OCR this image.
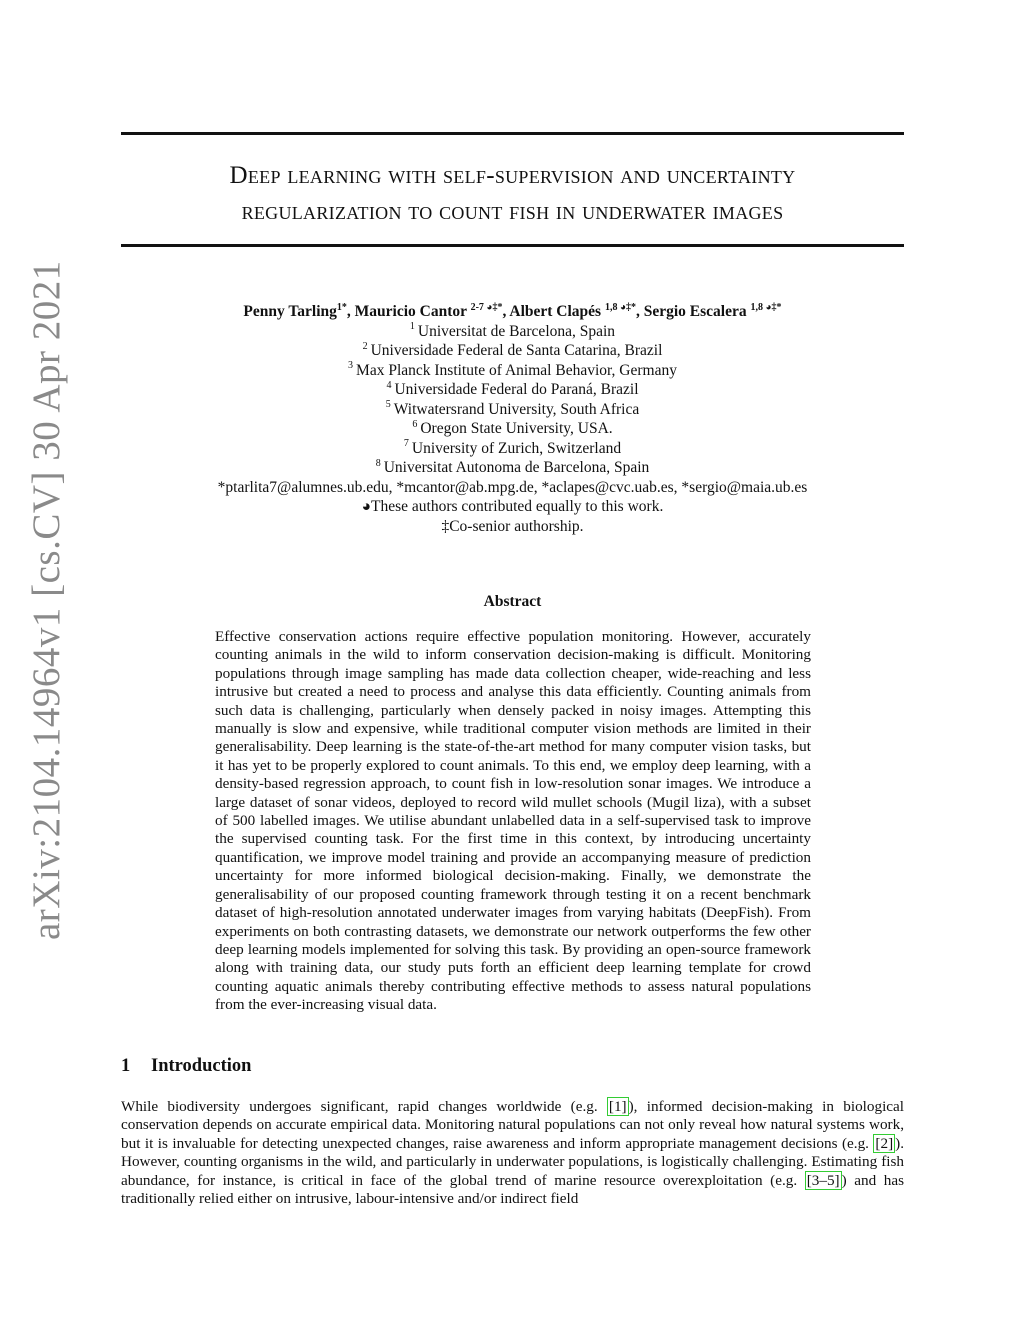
arXiv:2104.14964v1 [cs.CV] 30 Apr 2021
Deep learning with self-supervision and uncertainty
regularization to count fish in underwater images
Penny Tarling$^{1*}$, Mauricio Cantor $^{2-7 ◕\ddagger*}$, Albert Clapés $^{1,8 ◕\ddagger*}$, Sergio Escalera $^{1,8 ◕\ddagger*}$
$^1$ Universitat de Barcelona, Spain
$^2$ Universidade Federal de Santa Catarina, Brazil
$^3$ Max Planck Institute of Animal Behavior, Germany
$^4$ Universidade Federal do Paraná, Brazil
$^5$ Witwatersrand University, South Africa
$^6$ Oregon State University, USA.
$^7$ University of Zurich, Switzerland
$^8$ Universitat Autonoma de Barcelona, Spain
*ptarlita7@alumnes.ub.edu, *mcantor@ab.mpg.de, *aclapes@cvc.uab.es, *sergio@maia.ub.es
◕These authors contributed equally to this work.
‡Co-senior authorship.
Abstract
Effective conservation actions require effective population monitoring. However, accurately counting animals in the wild to inform conservation decision-making is difficult. Monitoring populations through image sampling has made data collection cheaper, wide-reaching and less intrusive but created a need to process and analyse this data efficiently. Counting animals from such data is challenging, particularly when densely packed in noisy images. Attempting this manually is slow and expensive, while traditional computer vision methods are limited in their generalisability. Deep learning is the state-of-the-art method for many computer vision tasks, but it has yet to be properly explored to count animals. To this end, we employ deep learning, with a density-based regression approach, to count fish in low-resolution sonar images. We introduce a large dataset of sonar videos, deployed to record wild mullet schools (Mugil liza), with a subset of 500 labelled images. We utilise abundant unlabelled data in a self-supervised task to improve the supervised counting task. For the first time in this context, by introducing uncertainty quantification, we improve model training and provide an accompanying measure of prediction uncertainty for more informed biological decision-making. Finally, we demonstrate the generalisability of our proposed counting framework through testing it on a recent benchmark dataset of high-resolution annotated underwater images from varying habitats (DeepFish). From experiments on both contrasting datasets, we demonstrate our network outperforms the few other deep learning models implemented for solving this task. By providing an open-source framework along with training data, our study puts forth an efficient deep learning template for crowd counting aquatic animals thereby contributing effective methods to assess natural populations from the ever-increasing visual data.
1 Introduction
While biodiversity undergoes significant, rapid changes worldwide (e.g. [1] ), informed decision-making in biological conservation depends on accurate empirical data. Monitoring natural populations can not only reveal how natural systems work, but it is invaluable for detecting unexpected changes, raise awareness and inform appropriate management decisions (e.g. [2] ). However, counting organisms in the wild, and particularly in underwater populations, is logistically challenging. Estimating fish abundance, for instance, is critical in face of the global trend of marine resource overexploitation (e.g. [3–5] ) and has traditionally relied either on intrusive, labour-intensive and/or indirect field
